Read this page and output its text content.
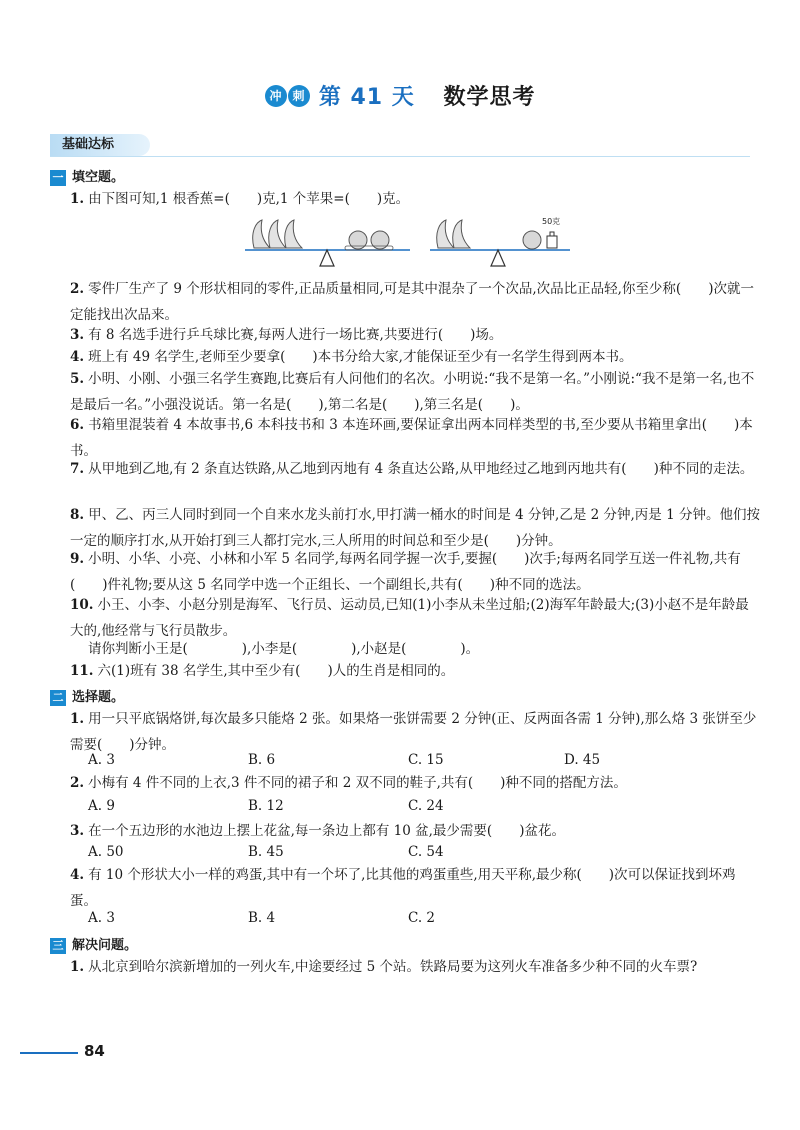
冲 刺 第 41 天 数学思考
基础达标
一 填空题。
1. 由下图可知,1 根香蕉=(　　)克,1 个苹果=(　　)克。
50克
2. 零件厂生产了 9 个形状相同的零件,正品质量相同,可是其中混杂了一个次品,次品比正品轻,你至少称(　　)次就一定能找出次品来。
3. 有 8 名选手进行乒乓球比赛,每两人进行一场比赛,共要进行(　　)场。
4. 班上有 49 名学生,老师至少要拿(　　)本书分给大家,才能保证至少有一名学生得到两本书。
5. 小明、小刚、小强三名学生赛跑,比赛后有人问他们的名次。小明说:“我不是第一名。”小刚说:“我不是第一名,也不是最后一名。”小强没说话。第一名是(　　),第二名是(　　),第三名是(　　)。
6. 书箱里混装着 4 本故事书,6 本科技书和 3 本连环画,要保证拿出两本同样类型的书,至少要从书箱里拿出(　　)本书。
7. 从甲地到乙地,有 2 条直达铁路,从乙地到丙地有 4 条直达公路,从甲地经过乙地到丙地共有(　　)种不同的走法。
8. 甲、乙、丙三人同时到同一个自来水龙头前打水,甲打满一桶水的时间是 4 分钟,乙是 2 分钟,丙是 1 分钟。他们按一定的顺序打水,从开始打到三人都打完水,三人所用的时间总和至少是(　　)分钟。
9. 小明、小华、小亮、小林和小军 5 名同学,每两名同学握一次手,要握(　　)次手;每两名同学互送一件礼物,共有(　　)件礼物;要从这 5 名同学中选一个正组长、一个副组长,共有(　　)种不同的选法。
10. 小王、小李、小赵分别是海军、飞行员、运动员,已知(1)小李从未坐过船;(2)海军年龄最大;(3)小赵不是年龄最大的,他经常与飞行员散步。
请你判断小王是(　　　　),小李是(　　　　),小赵是(　　　　)。
11. 六(1)班有 38 名学生,其中至少有(　　)人的生肖是相同的。
二 选择题。
1. 用一只平底锅烙饼,每次最多只能烙 2 张。如果烙一张饼需要 2 分钟(正、反两面各需 1 分钟),那么烙 3 张饼至少需要(　　)分钟。
A. 3	B. 6	C. 15	D. 45
2. 小梅有 4 件不同的上衣,3 件不同的裙子和 2 双不同的鞋子,共有(　　)种不同的搭配方法。
A. 9	B. 12	C. 24
3. 在一个五边形的水池边上摆上花盆,每一条边上都有 10 盆,最少需要(　　)盆花。
A. 50	B. 45	C. 54
4. 有 10 个形状大小一样的鸡蛋,其中有一个坏了,比其他的鸡蛋重些,用天平称,最少称(　　)次可以保证找到坏鸡蛋。
A. 3	B. 4	C. 2
三 解决问题。
1. 从北京到哈尔滨新增加的一列火车,中途要经过 5 个站。铁路局要为这列火车准备多少种不同的火车票?
84
